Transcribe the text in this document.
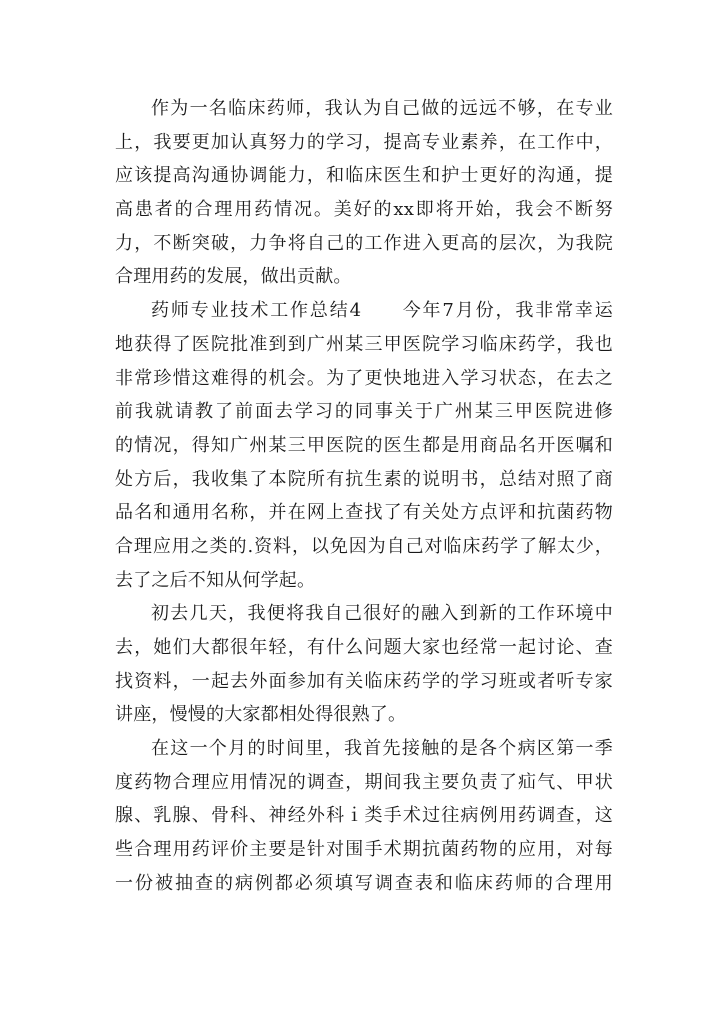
作为一名临床药师，我认为自己做的远远不够，在专业
上，我要更加认真努力的学习，提高专业素养，在工作中，
应该提高沟通协调能力，和临床医生和护士更好的沟通，提
高患者的合理用药情况。美好的xx即将开始，我会不断努
力，不断突破，力争将自己的工作进入更高的层次，为我院
合理用药的发展，做出贡献。
药师专业技术工作总结4　　今年7月份，我非常幸运
地获得了医院批准到到广州某三甲医院学习临床药学，我也
非常珍惜这难得的机会。为了更快地进入学习状态，在去之
前我就请教了前面去学习的同事关于广州某三甲医院进修
的情况，得知广州某三甲医院的医生都是用商品名开医嘱和
处方后，我收集了本院所有抗生素的说明书，总结对照了商
品名和通用名称，并在网上查找了有关处方点评和抗菌药物
合理应用之类的.资料，以免因为自己对临床药学了解太少，
去了之后不知从何学起。
初去几天，我便将我自己很好的融入到新的工作环境中
去，她们大都很年轻，有什么问题大家也经常一起讨论、查
找资料，一起去外面参加有关临床药学的学习班或者听专家
讲座，慢慢的大家都相处得很熟了。
在这一个月的时间里，我首先接触的是各个病区第一季
度药物合理应用情况的调查，期间我主要负责了疝气、甲状
腺、乳腺、骨科、神经外科ｉ类手术过往病例用药调查，这
些合理用药评价主要是针对围手术期抗菌药物的应用，对每
一份被抽查的病例都必须填写调查表和临床药师的合理用
